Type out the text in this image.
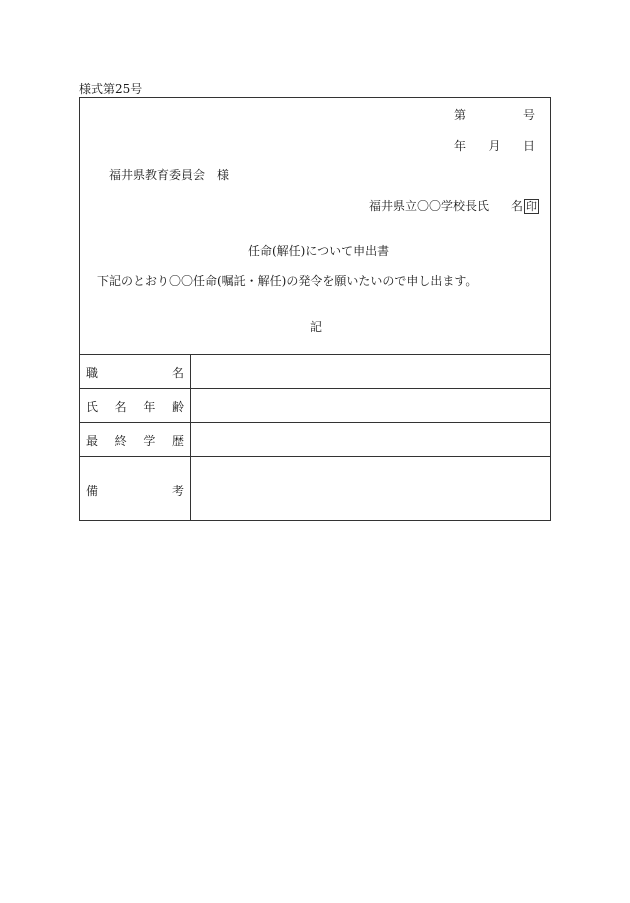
様式第25号
第	号
年 月 日
福井県教育委員会　様
福井県立〇〇学校長氏 名 印
任命(解任)について申出書
下記のとおり〇〇任命(嘱託・解任)の発令を願いたいので申し出ます。
記
職	名
氏 名 年 齢
最 終 学 歴
備	考
